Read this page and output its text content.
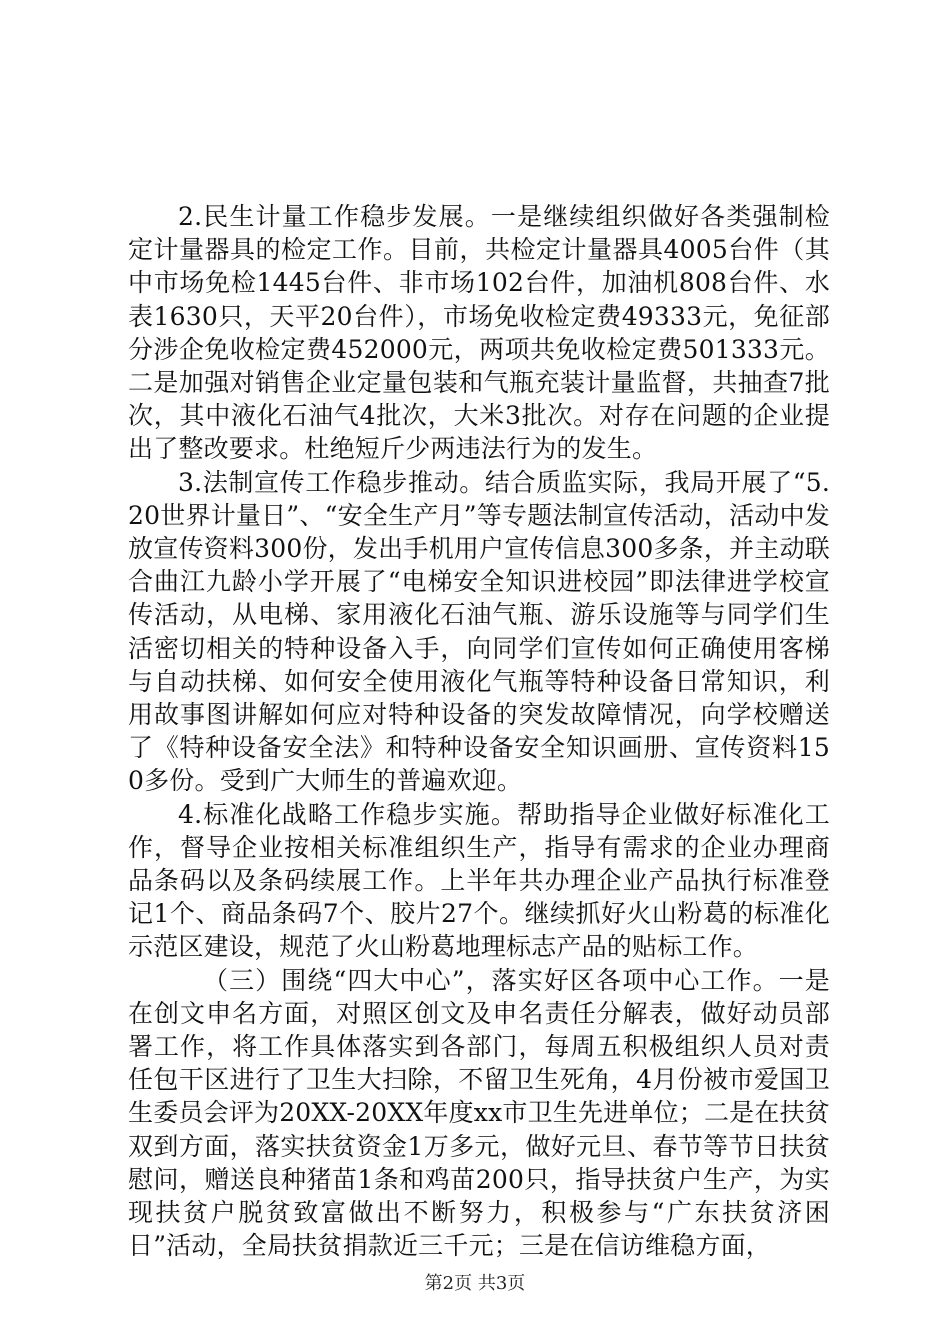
2.民生计量工作稳步发展。一是继续组织做好各类强制检定计量器具的检定工作。目前，共检定计量器具4005台件（其中市场免检1445台件、非市场102台件，加油机808台件、水表1630只，天平20台件），市场免收检定费49333元，免征部分涉企免收检定费452000元，两项共免收检定费501333元。二是加强对销售企业定量包装和气瓶充装计量监督，共抽查7批次，其中液化石油气4批次，大米3批次。对存在问题的企业提出了整改要求。杜绝短斤少两违法行为的发生。

3.法制宣传工作稳步推动。结合质监实际，我局开展了“5.20世界计量日”、“安全生产月”等专题法制宣传活动，活动中发放宣传资料300份，发出手机用户宣传信息300多条，并主动联合曲江九龄小学开展了“电梯安全知识进校园”即法律进学校宣传活动，从电梯、家用液化石油气瓶、游乐设施等与同学们生活密切相关的特种设备入手，向同学们宣传如何正确使用客梯与自动扶梯、如何安全使用液化气瓶等特种设备日常知识，利用故事图讲解如何应对特种设备的突发故障情况，向学校赠送了《特种设备安全法》和特种设备安全知识画册、宣传资料150多份。受到广大师生的普遍欢迎。

4.标准化战略工作稳步实施。帮助指导企业做好标准化工作，督导企业按相关标准组织生产，指导有需求的企业办理商品条码以及条码续展工作。上半年共办理企业产品执行标准登记1个、商品条码7个、胶片27个。继续抓好火山粉葛的标准化示范区建设，规范了火山粉葛地理标志产品的贴标工作。

（三）围绕“四大中心”，落实好区各项中心工作。一是在创文申名方面，对照区创文及申名责任分解表，做好动员部署工作，将工作具体落实到各部门，每周五积极组织人员对责任包干区进行了卫生大扫除，不留卫生死角，4月份被市爱国卫生委员会评为20XX-20XX年度xx市卫生先进单位；二是在扶贫双到方面，落实扶贫资金1万多元，做好元旦、春节等节日扶贫慰问，赠送良种猪苗1条和鸡苗200只，指导扶贫户生产，为实现扶贫户脱贫致富做出不断努力，积极参与“广东扶贫济困日”活动，全局扶贫捐款近三千元；三是在信访维稳方面，

第2页 共3页
